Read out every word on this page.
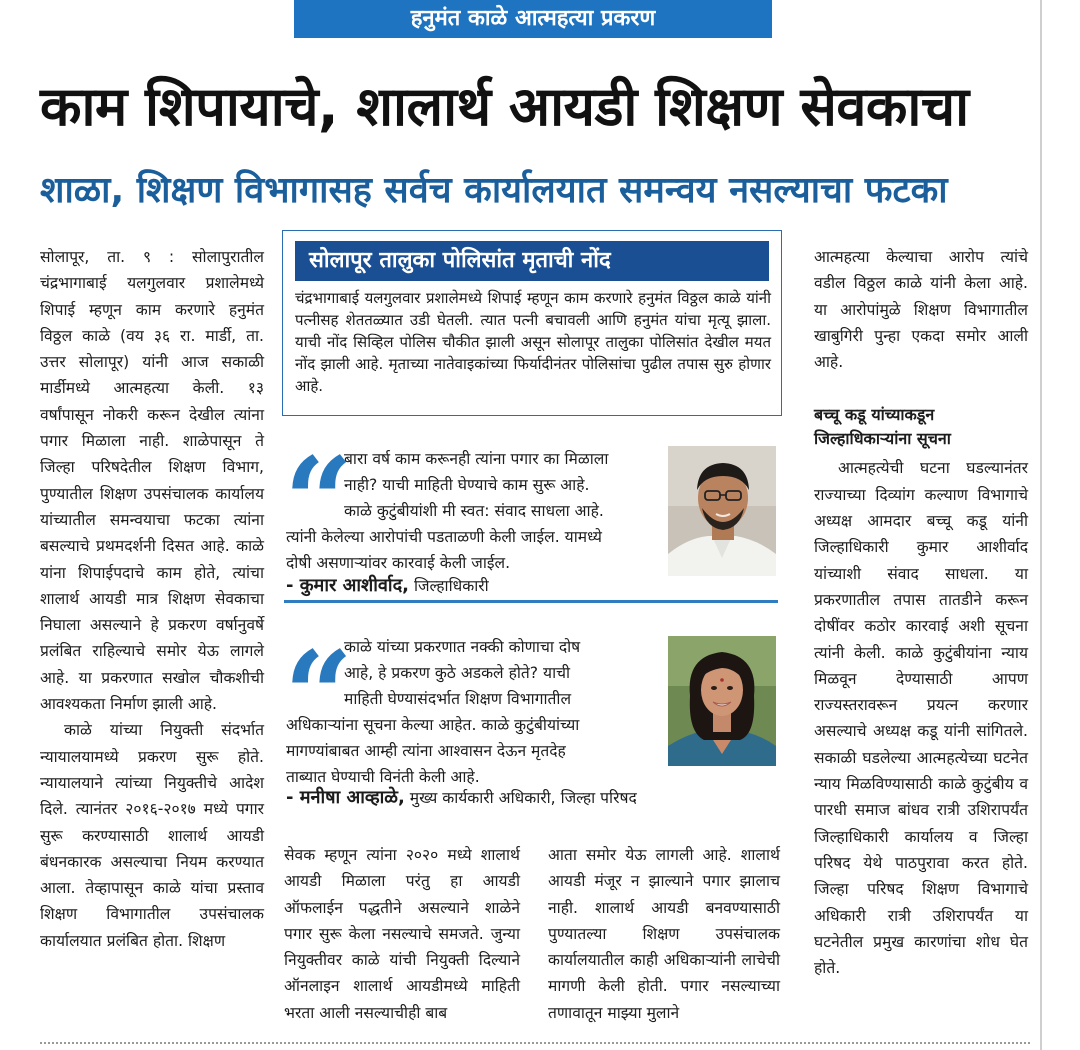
हनुमंत काळे आत्महत्या प्रकरण
काम शिपायाचे, शालार्थ आयडी शिक्षण सेवकाचा
शाळा, शिक्षण विभागासह सर्वच कार्यालयात समन्वय नसल्याचा फटका

सोलापूर, ता. ९ : सोलापुरातील चंद्रभागाबाई यलगुलवार प्रशालेमध्ये शिपाई म्हणून काम करणारे हनुमंत विठ्ठल काळे (वय ३६ रा. मार्डी, ता. उत्तर सोलापूर) यांनी आज सकाळी मार्डीमध्ये आत्महत्या केली. १३ वर्षांपासून नोकरी करून देखील त्यांना पगार मिळाला नाही. शाळेपासून ते जिल्हा परिषदेतील शिक्षण विभाग, पुण्यातील शिक्षण उपसंचालक कार्यालय यांच्यातील समन्वयाचा फटका त्यांना बसल्याचे प्रथमदर्शनी दिसत आहे. काळे यांना शिपाईपदाचे काम होते, त्यांचा शालार्थ आयडी मात्र शिक्षण सेवकाचा निघाला असल्याने हे प्रकरण वर्षानुवर्षे प्रलंबित राहिल्याचे समोर येऊ लागले आहे. या प्रकरणात सखोल चौकशीची आवश्यकता निर्माण झाली आहे.

काळे यांच्या नियुक्ती संदर्भात न्यायालयामध्ये प्रकरण सुरू होते. न्यायालयाने त्यांच्या नियुक्तीचे आदेश दिले. त्यानंतर २०१६-२०१७ मध्ये पगार सुरू करण्यासाठी शालार्थ आयडी बंधनकारक असल्याचा नियम करण्यात आला. तेव्हापासून काळे यांचा प्रस्ताव शिक्षण विभागातील उपसंचालक कार्यालयात प्रलंबित होता. शिक्षण

सोलापूर तालुका पोलिसांत मृताची नोंद
चंद्रभागाबाई यलगुलवार प्रशालेमध्ये शिपाई म्हणून काम करणारे हनुमंत विठ्ठल काळे यांनी पत्नीसह शेततळ्यात उडी घेतली. त्यात पत्नी बचावली आणि हनुमंत यांचा मृत्यू झाला. याची नोंद सिव्हिल पोलिस चौकीत झाली असून सोलापूर तालुका पोलिसांत देखील मयत नोंद झाली आहे. मृताच्या नातेवाइकांच्या फिर्यादीनंतर पोलिसांचा पुढील तपास सुरु होणार आहे.
“
बारा वर्ष काम करूनही त्यांना पगार का मिळाला
नाही? याची माहिती घेण्याचे काम सुरू आहे.
काळे कुटुंबीयांशी मी स्वत: संवाद साधला आहे.
त्यांनी केलेल्या आरोपांची पडताळणी केली जाईल. यामध्ये
दोषी असणाऱ्यांवर कारवाई केली जाईल.
- कुमार आशीर्वाद, जिल्हाधिकारी
“
काळे यांच्या प्रकरणात नक्की कोणाचा दोष
आहे, हे प्रकरण कुठे अडकले होते? याची
माहिती घेण्यासंदर्भात शिक्षण विभागातील
अधिकाऱ्यांना सूचना केल्या आहेत. काळे कुटुंबीयांच्या
मागण्यांबाबत आम्ही त्यांना आश्वासन देऊन मृतदेह
ताब्यात घेण्याची विनंती केली आहे.
- मनीषा आव्हाळे, मुख्य कार्यकारी अधिकारी, जिल्हा परिषद

सेवक म्हणून त्यांना २०२० मध्ये शालार्थ आयडी मिळाला परंतु हा आयडी ऑफलाईन पद्धतीने असल्याने शाळेने पगार सुरू केला नसल्याचे समजते. जुन्या नियुक्तीवर काळे यांची नियुक्ती दिल्याने ऑनलाइन शालार्थ आयडीमध्ये माहिती भरता आली नसल्याचीही बाब

आता समोर येऊ लागली आहे. शालार्थ आयडी मंजूर न झाल्याने पगार झालाच नाही. शालार्थ आयडी बनवण्यासाठी पुण्यातल्या शिक्षण उपसंचालक कार्यालयातील काही अधिकाऱ्यांनी लाचेची मागणी केली होती. पगार नसल्याच्या तणावातून माझ्या मुलाने

आत्महत्या केल्याचा आरोप त्यांचे वडील विठ्ठल काळे यांनी केला आहे. या आरोपांमुळे शिक्षण विभागातील खाबुगिरी पुन्हा एकदा समोर आली आहे.

बच्चू कडू यांच्याकडून जिल्हाधिकाऱ्यांना सूचना

आत्महत्येची घटना घडल्यानंतर राज्याच्या दिव्यांग कल्याण विभागाचे अध्यक्ष आमदार बच्चू कडू यांनी जिल्हाधिकारी कुमार आशीर्वाद यांच्याशी संवाद साधला. या प्रकरणातील तपास तातडीने करून दोषींवर कठोर कारवाई अशी सूचना त्यांनी केली. काळे कुटुंबीयांना न्याय मिळवून देण्यासाठी आपण राज्यस्तरावरून प्रयत्न करणार असल्याचे अध्यक्ष कडू यांनी सांगितले. सकाळी घडलेल्या आत्महत्येच्या घटनेत न्याय मिळविण्यासाठी काळे कुटुंबीय व पारधी समाज बांधव रात्री उशिरापर्यंत जिल्हाधिकारी कार्यालय व जिल्हा परिषद येथे पाठपुरावा करत होते. जिल्हा परिषद शिक्षण विभागाचे अधिकारी रात्री उशिरापर्यंत या घटनेतील प्रमुख कारणांचा शोध घेत होते.
